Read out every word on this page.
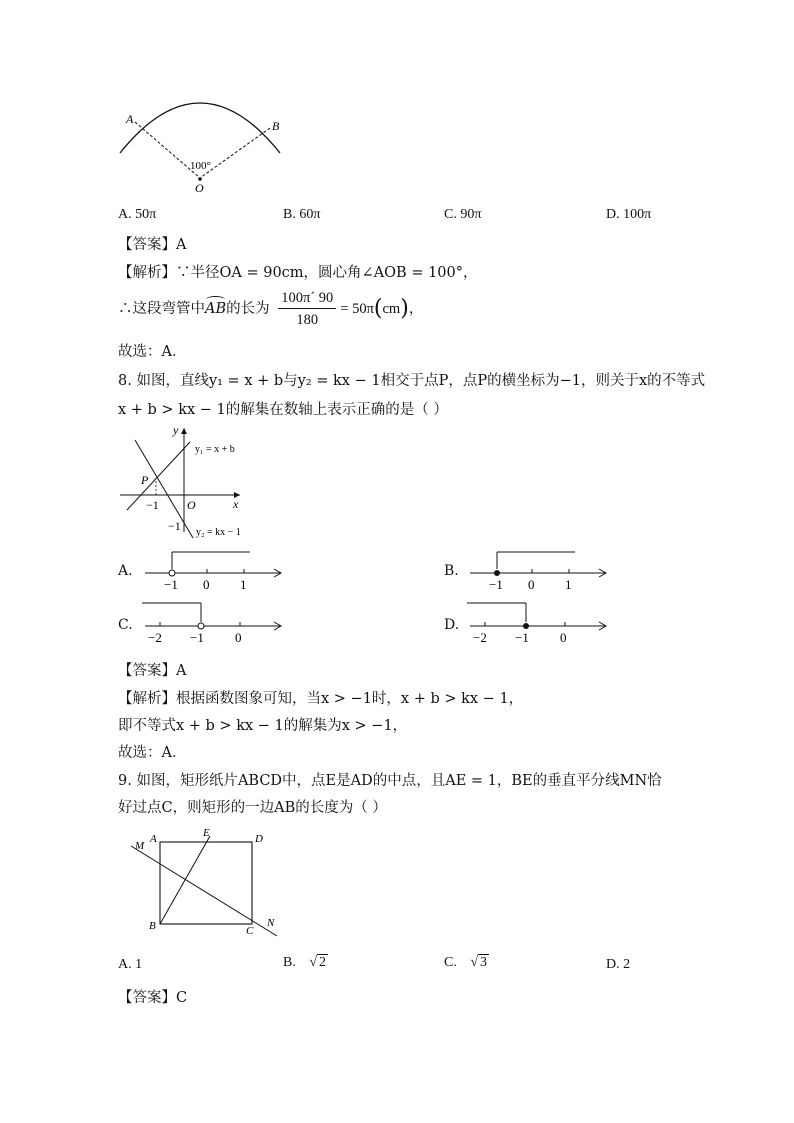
A	B
100°
O
A. 50π	B. 60π	C. 90π	D. 100π
【答案】A
【解析】∵半径OA = 90cm，圆心角∠AOB = 100°，
∴这段弯管中AB
的长为 $\frac{100\pi´ 90}{180} = 50\pi(cm)$，
故选：A．
8. 如图，直线y₁ = x + b与y₂ = kx − 1相交于点P，点P的横坐标为−1，则关于x的不等式
x + b > kx − 1的解集在数轴上表示正确的是（ ）
y
x
O
P
−1
−1
y₁ = x + b
y₂ = kx − 1
A.
−1 0 1
B.
−1 0 1
C.
−2 −1 0
D.
−2 −1 0
【答案】A
【解析】根据函数图象可知，当x > −1时，x + b > kx − 1，
即不等式x + b > kx − 1的解集为x > −1，
故选：A．
9. 如图，矩形纸片ABCD中，点E是AD的中点，且AE = 1，BE的垂直平分线MN恰
好过点C，则矩形的一边AB的长度为（ ）
A
M
E	D
B	C
N
A. 1	B. √ 2	C. √ 3	D. 2
【答案】C
